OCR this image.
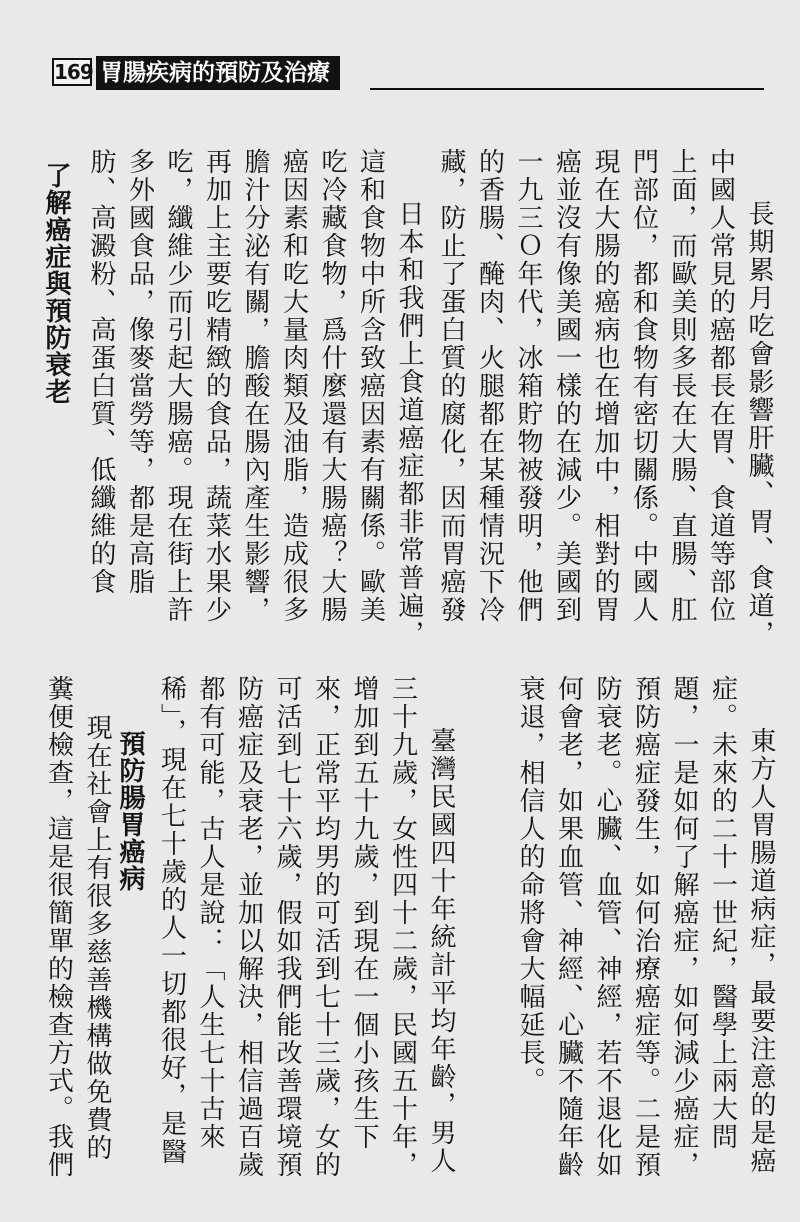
169 胃腸疾病的預防及治療

長期累月吃會影響肝臟、胃、食道，中國人常見的癌都長在胃、食道等部位上面，而歐美則多長在大腸、直腸、肛門部位，都和食物有密切關係。中國人現在大腸的癌病也在增加中，相對的胃癌並沒有像美國一樣的在減少。美國到一九三Ｏ年代，冰箱貯物被發明，他們的香腸、醃肉、火腿都在某種情況下冷藏，防止了蛋白質的腐化，因而胃癌發

日本和我們上食道癌症都非常普遍，這和食物中所含致癌因素有關係。歐美吃冷藏食物，爲什麼還有大腸癌？大腸癌因素和吃大量肉類及油脂，造成很多膽汁分泌有關，膽酸在腸內產生影響，再加上主要吃精緻的食品，蔬菜水果少吃，纖維少而引起大腸癌。現在街上許多外國食品，像麥當勞等，都是高脂肪、高澱粉、高蛋白質、低纖維的食

了解癌症與預防衰老

東方人胃腸道病症，最要注意的是癌症。未來的二十一世紀，醫學上兩大問題，一是如何了解癌症，如何減少癌症，預防癌症發生，如何治療癌症等。二是預防衰老。心臟、血管、神經，若不退化如何會老，如果血管、神經、心臟不隨年齡衰退，相信人的命將會大幅延長。

臺灣民國四十年統計平均年齡，男人三十九歲，女性四十二歲，民國五十年，增加到五十九歲，到現在一個小孩生下來，正常平均男的可活到七十三歲，女的可活到七十六歲，假如我們能改善環境預防癌症及衰老，並加以解決，相信過百歲都有可能，古人是說：「人生七十古來稀」，現在七十歲的人一切都很好，是醫

預防腸胃癌病

現在社會上有很多慈善機構做免費的糞便檢查，這是很簡單的檢查方式。我們
